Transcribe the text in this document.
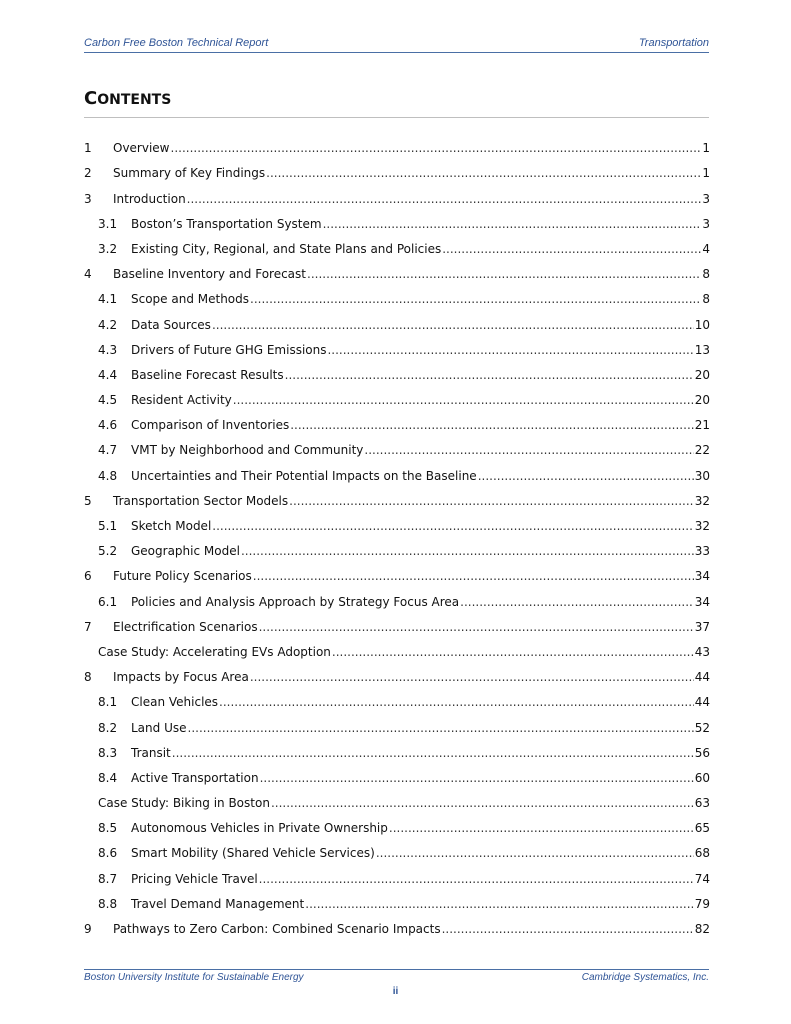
Carbon Free Boston Technical Report	Transportation
CONTENTS
1	Overview .....	1
2	Summary of Key Findings .....	1
3	Introduction .....	3
3.1	Boston’s Transportation System .....	3
3.2	Existing City, Regional, and State Plans and Policies .....	4
4	Baseline Inventory and Forecast .....	8
4.1	Scope and Methods .....	8
4.2	Data Sources .....	10
4.3	Drivers of Future GHG Emissions .....	13
4.4	Baseline Forecast Results .....	20
4.5	Resident Activity .....	20
4.6	Comparison of Inventories .....	21
4.7	VMT by Neighborhood and Community .....	22
4.8	Uncertainties and Their Potential Impacts on the Baseline .....	30
5	Transportation Sector Models .....	32
5.1	Sketch Model .....	32
5.2	Geographic Model .....	33
6	Future Policy Scenarios .....	34
6.1	Policies and Analysis Approach by Strategy Focus Area .....	34
7	Electrification Scenarios .....	37
Case Study: Accelerating EVs Adoption .....	43
8	Impacts by Focus Area .....	44
8.1	Clean Vehicles .....	44
8.2	Land Use .....	52
8.3	Transit .....	56
8.4	Active Transportation .....	60
Case Study: Biking in Boston .....	63
8.5	Autonomous Vehicles in Private Ownership .....	65
8.6	Smart Mobility (Shared Vehicle Services) .....	68
8.7	Pricing Vehicle Travel .....	74
8.8	Travel Demand Management .....	79
9	Pathways to Zero Carbon: Combined Scenario Impacts .....	82
Boston University Institute for Sustainable Energy	Cambridge Systematics, Inc.
ii
